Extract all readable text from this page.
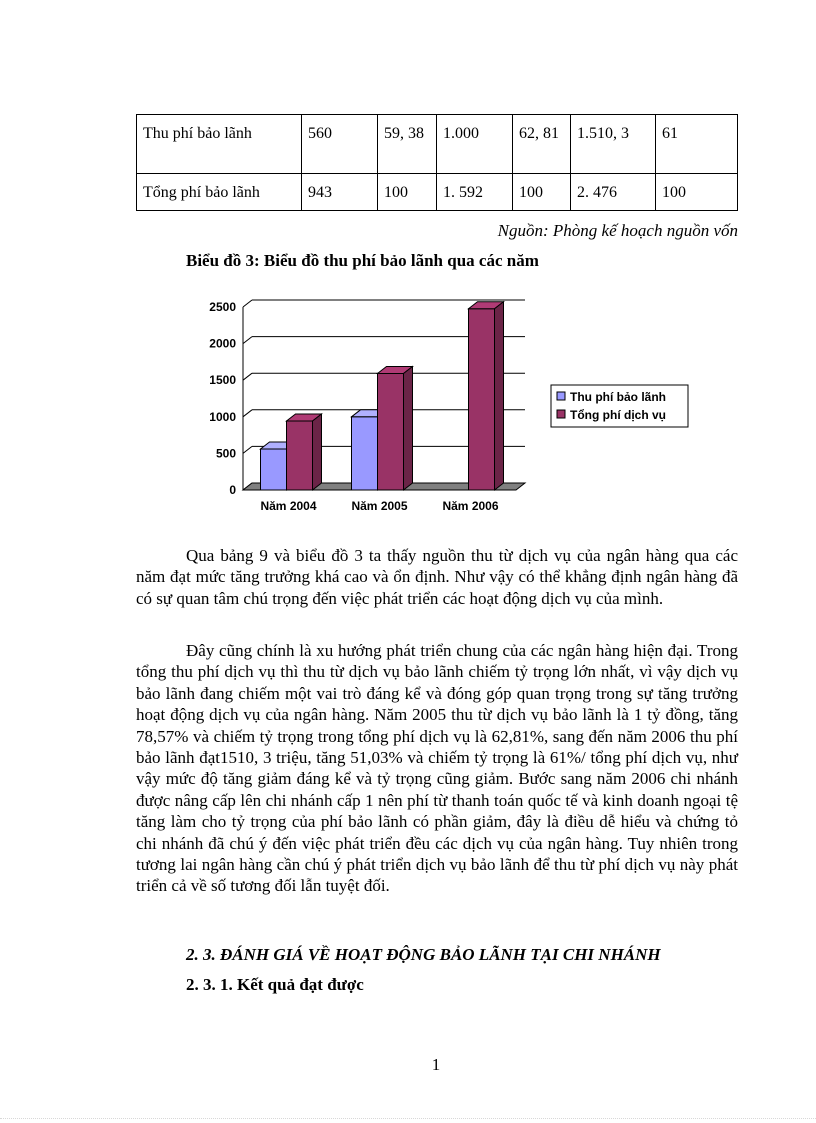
Thu phí bảo lãnh	560	59, 38	1.000	62, 81	1.510, 3	61
Tổng phí bảo lãnh	943	100	1. 592	100	2. 476	100
Nguồn: Phòng kế hoạch nguồn vốn
Biểu đồ 3: Biểu đồ thu phí bảo lãnh qua các năm
0
500
1000
1500
2000
2500
Năm 2004	Năm 2005	Năm 2006
Thu phí bảo lãnh
Tổng phí dịch vụ

Qua bảng 9 và biểu đồ 3 ta thấy nguồn thu từ dịch vụ của ngân hàng qua các năm đạt mức tăng trưởng khá cao và ổn định. Như vậy có thể khẳng định ngân hàng đã có sự quan tâm chú trọng đến việc phát triển các hoạt động dịch vụ của mình.

Đây cũng chính là xu hướng phát triển chung của các ngân hàng hiện đại. Trong tổng thu phí dịch vụ thì thu từ dịch vụ bảo lãnh chiếm tỷ trọng lớn nhất, vì vậy dịch vụ bảo lãnh đang chiếm một vai trò đáng kể và đóng góp quan trọng trong sự tăng trưởng hoạt động dịch vụ của ngân hàng. Năm 2005 thu từ dịch vụ bảo lãnh là 1 tỷ đồng, tăng 78,57% và chiếm tỷ trọng trong tổng phí dịch vụ là 62,81%, sang đến năm 2006 thu phí bảo lãnh đạt1510, 3 triệu, tăng 51,03% và chiếm tỷ trọng là 61%/ tổng phí dịch vụ, như vậy mức độ tăng giảm đáng kể và tỷ trọng cũng giảm. Bước sang năm 2006 chi nhánh được nâng cấp lên chi nhánh cấp 1 nên phí từ thanh toán quốc tế và kinh doanh ngoại tệ tăng làm cho tỷ trọng của phí bảo lãnh có phần giảm, đây là điều dễ hiểu và chứng tỏ chi nhánh đã chú ý đến việc phát triển đều các dịch vụ của ngân hàng. Tuy nhiên trong tương lai ngân hàng cần chú ý phát triển dịch vụ bảo lãnh để thu từ phí dịch vụ này phát triển cả về số tương đối lẫn tuyệt đối.

2. 3. ĐÁNH GIÁ VỀ HOẠT ĐỘNG BẢO LÃNH TẠI CHI NHÁNH
2. 3. 1. Kết quả đạt được
1
